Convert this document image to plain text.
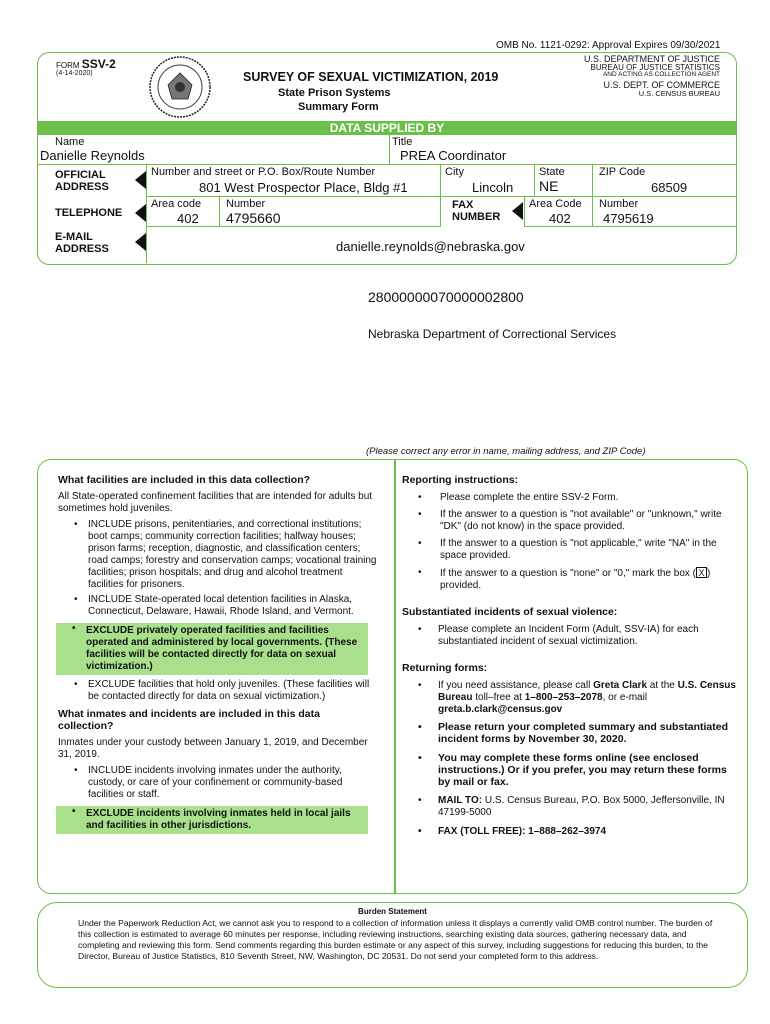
OMB No. 1121-0292: Approval Expires 09/30/2021
FORM SSV-2
(4-14-2020)	SURVEY OF SEXUAL VICTIMIZATION, 2019
State Prison Systems
Summary Form
U.S. DEPARTMENT OF JUSTICE
BUREAU OF JUSTICE STATISTICS
AND ACTING AS COLLECTION AGENT
U.S. DEPT. OF COMMERCE
U.S. CENSUS BUREAU
DATA SUPPLIED BY
Name
Danielle Reynolds
Title
PREA Coordinator
OFFICIAL
ADDRESS
Number and street or P.O. Box/Route Number
801 West Prospector Place, Bldg #1
City
Lincoln
State
NE
ZIP Code
68509
TELEPHONE
Area code
402
Number
4795660
FAX
NUMBER
Area Code
402
Number
4795619
E-MAIL
ADDRESS	danielle.reynolds@nebraska.gov
28000000070000002800
Nebraska Department of Correctional Services
(Please correct any error in name, mailing address, and ZIP Code)
What facilities are included in this data collection?
All State-operated confinement facilities that are intended for adults but sometimes hold juveniles.
• INCLUDE prisons, penitentiaries, and correctional institutions; boot camps; community correction facilities; halfway houses; prison farms; reception, diagnostic, and classification centers; road camps; forestry and conservation camps; vocational training facilities; prison hospitals; and drug and alcohol treatment facilities for prisoners.
• INCLUDE State-operated local detention facilities in Alaska, Connecticut, Delaware, Hawaii, Rhode Island, and Vermont.
• EXCLUDE privately operated facilities and facilities operated and administered by local governments. (These facilities will be contacted directly for data on sexual victimization.)
• EXCLUDE facilities that hold only juveniles. (These facilities will be contacted directly for data on sexual victimization.)
What inmates and incidents are included in this data collection?
Inmates under your custody between January 1, 2019, and December 31, 2019.
• INCLUDE incidents involving inmates under the authority, custody, or care of your confinement or community-based facilities or staff.
• EXCLUDE incidents involving inmates held in local jails and facilities in other jurisdictions.
Reporting instructions:
• Please complete the entire SSV-2 Form.
• If the answer to a question is "not available" or "unknown," write "DK" (do not know) in the space provided.
• If the answer to a question is "not applicable," write "NA" in the space provided.
• If the answer to a question is "none" or "0," mark the box ( X ) provided.
Substantiated incidents of sexual violence:
• Please complete an Incident Form (Adult, SSV-IA) for each substantiated incident of sexual victimization.
Returning forms:
• If you need assistance, please call Greta Clark at the U.S. Census Bureau toll–free at 1–800–253–2078, or e-mail greta.b.clark@census.gov
• Please return your completed summary and substantiated incident forms by November 30, 2020.
• You may complete these forms online (see enclosed instructions.) Or if you prefer, you may return these forms by mail or fax.
• MAIL TO: U.S. Census Bureau, P.O. Box 5000, Jeffersonville, IN 47199-5000
• FAX (TOLL FREE): 1–888–262–3974
Burden Statement
Under the Paperwork Reduction Act, we cannot ask you to respond to a collection of information unless it displays a currently valid OMB control number. The burden of this collection is estimated to average 60 minutes per response, including reviewing instructions, searching existing data sources, gathering necessary data, and completing and reviewing this form. Send comments regarding this burden estimate or any aspect of this survey, including suggestions for reducing this burden, to the Director, Bureau of Justice Statistics, 810 Seventh Street, NW, Washington, DC 20531. Do not send your completed form to this address.
